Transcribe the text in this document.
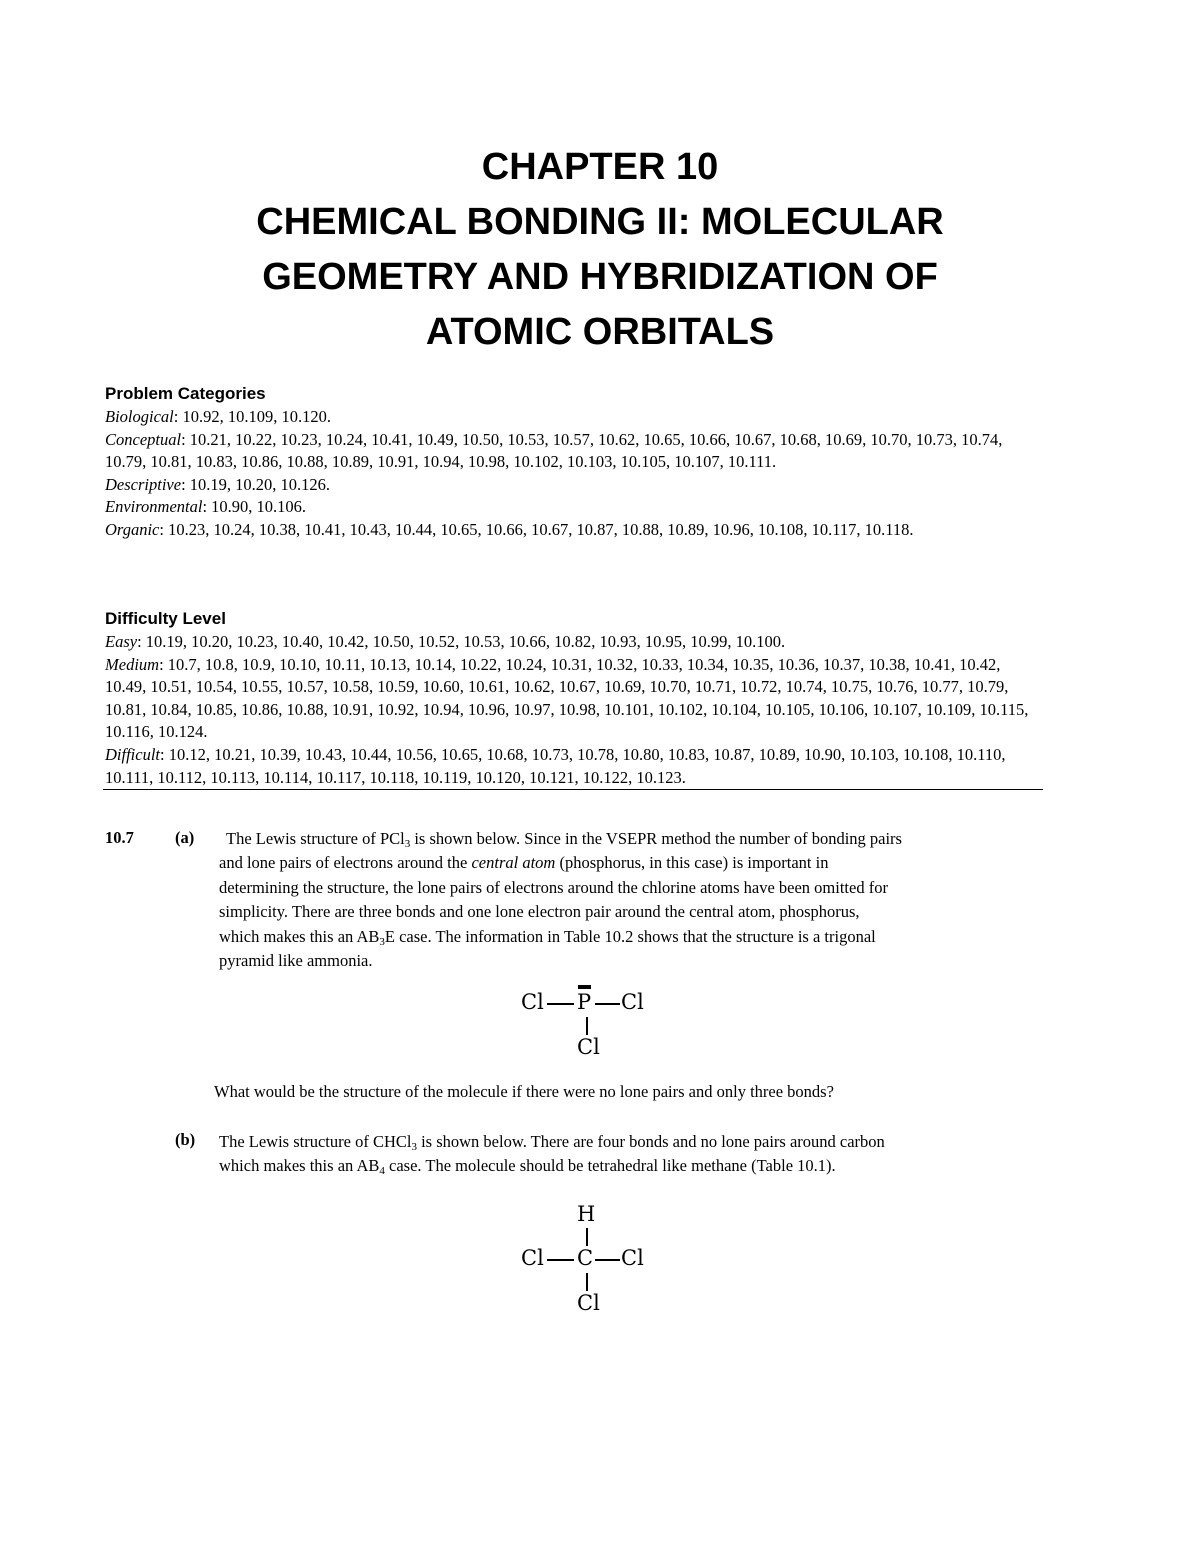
CHAPTER 10
CHEMICAL BONDING II: MOLECULAR
GEOMETRY AND HYBRIDIZATION OF
ATOMIC ORBITALS
Problem Categories

Biological: 10.92, 10.109, 10.120.

Conceptual: 10.21, 10.22, 10.23, 10.24, 10.41, 10.49, 10.50, 10.53, 10.57, 10.62, 10.65, 10.66, 10.67, 10.68, 10.69, 10.70, 10.73, 10.74, 10.79, 10.81, 10.83, 10.86, 10.88, 10.89, 10.91, 10.94, 10.98, 10.102, 10.103, 10.105, 10.107, 10.111.

Descriptive: 10.19, 10.20, 10.126.

Environmental: 10.90, 10.106.

Organic: 10.23, 10.24, 10.38, 10.41, 10.43, 10.44, 10.65, 10.66, 10.67, 10.87, 10.88, 10.89, 10.96, 10.108, 10.117, 10.118.

Difficulty Level

Easy: 10.19, 10.20, 10.23, 10.40, 10.42, 10.50, 10.52, 10.53, 10.66, 10.82, 10.93, 10.95, 10.99, 10.100.

Medium: 10.7, 10.8, 10.9, 10.10, 10.11, 10.13, 10.14, 10.22, 10.24, 10.31, 10.32, 10.33, 10.34, 10.35, 10.36, 10.37, 10.38, 10.41, 10.42, 10.49, 10.51, 10.54, 10.55, 10.57, 10.58, 10.59, 10.60, 10.61, 10.62, 10.67, 10.69, 10.70, 10.71, 10.72, 10.74, 10.75, 10.76, 10.77, 10.79, 10.81, 10.84, 10.85, 10.86, 10.88, 10.91, 10.92, 10.94, 10.96, 10.97, 10.98, 10.101, 10.102, 10.104, 10.105, 10.106, 10.107, 10.109, 10.115, 10.116, 10.124.

Difficult: 10.12, 10.21, 10.39, 10.43, 10.44, 10.56, 10.65, 10.68, 10.73, 10.78, 10.80, 10.83, 10.87, 10.89, 10.90, 10.103, 10.108, 10.110, 10.111, 10.112, 10.113, 10.114, 10.117, 10.118, 10.119, 10.120, 10.121, 10.122, 10.123.

10.7 (a)	The Lewis structure of PCl$_3$ is shown below. Since in the VSEPR method the number of bonding pairs
and lone pairs of electrons around the central atom (phosphorus, in this case) is important in
determining the structure, the lone pairs of electrons around the chlorine atoms have been omitted for
simplicity. There are three bonds and one lone electron pair around the central atom, phosphorus,
which makes this an $AB_3E$ case. The information in Table 10.2 shows that the structure is a trigonal
pyramid like ammonia.
Cl P Cl
Cl
What would be the structure of the molecule if there were no lone pairs and only three bonds?
(b) The Lewis structure of CHCl$_3$ is shown below. There are four bonds and no lone pairs around carbon
which makes this an $AB_4$ case. The molecule should be tetrahedral like methane (Table 10.1).
H
Cl C Cl
Cl
